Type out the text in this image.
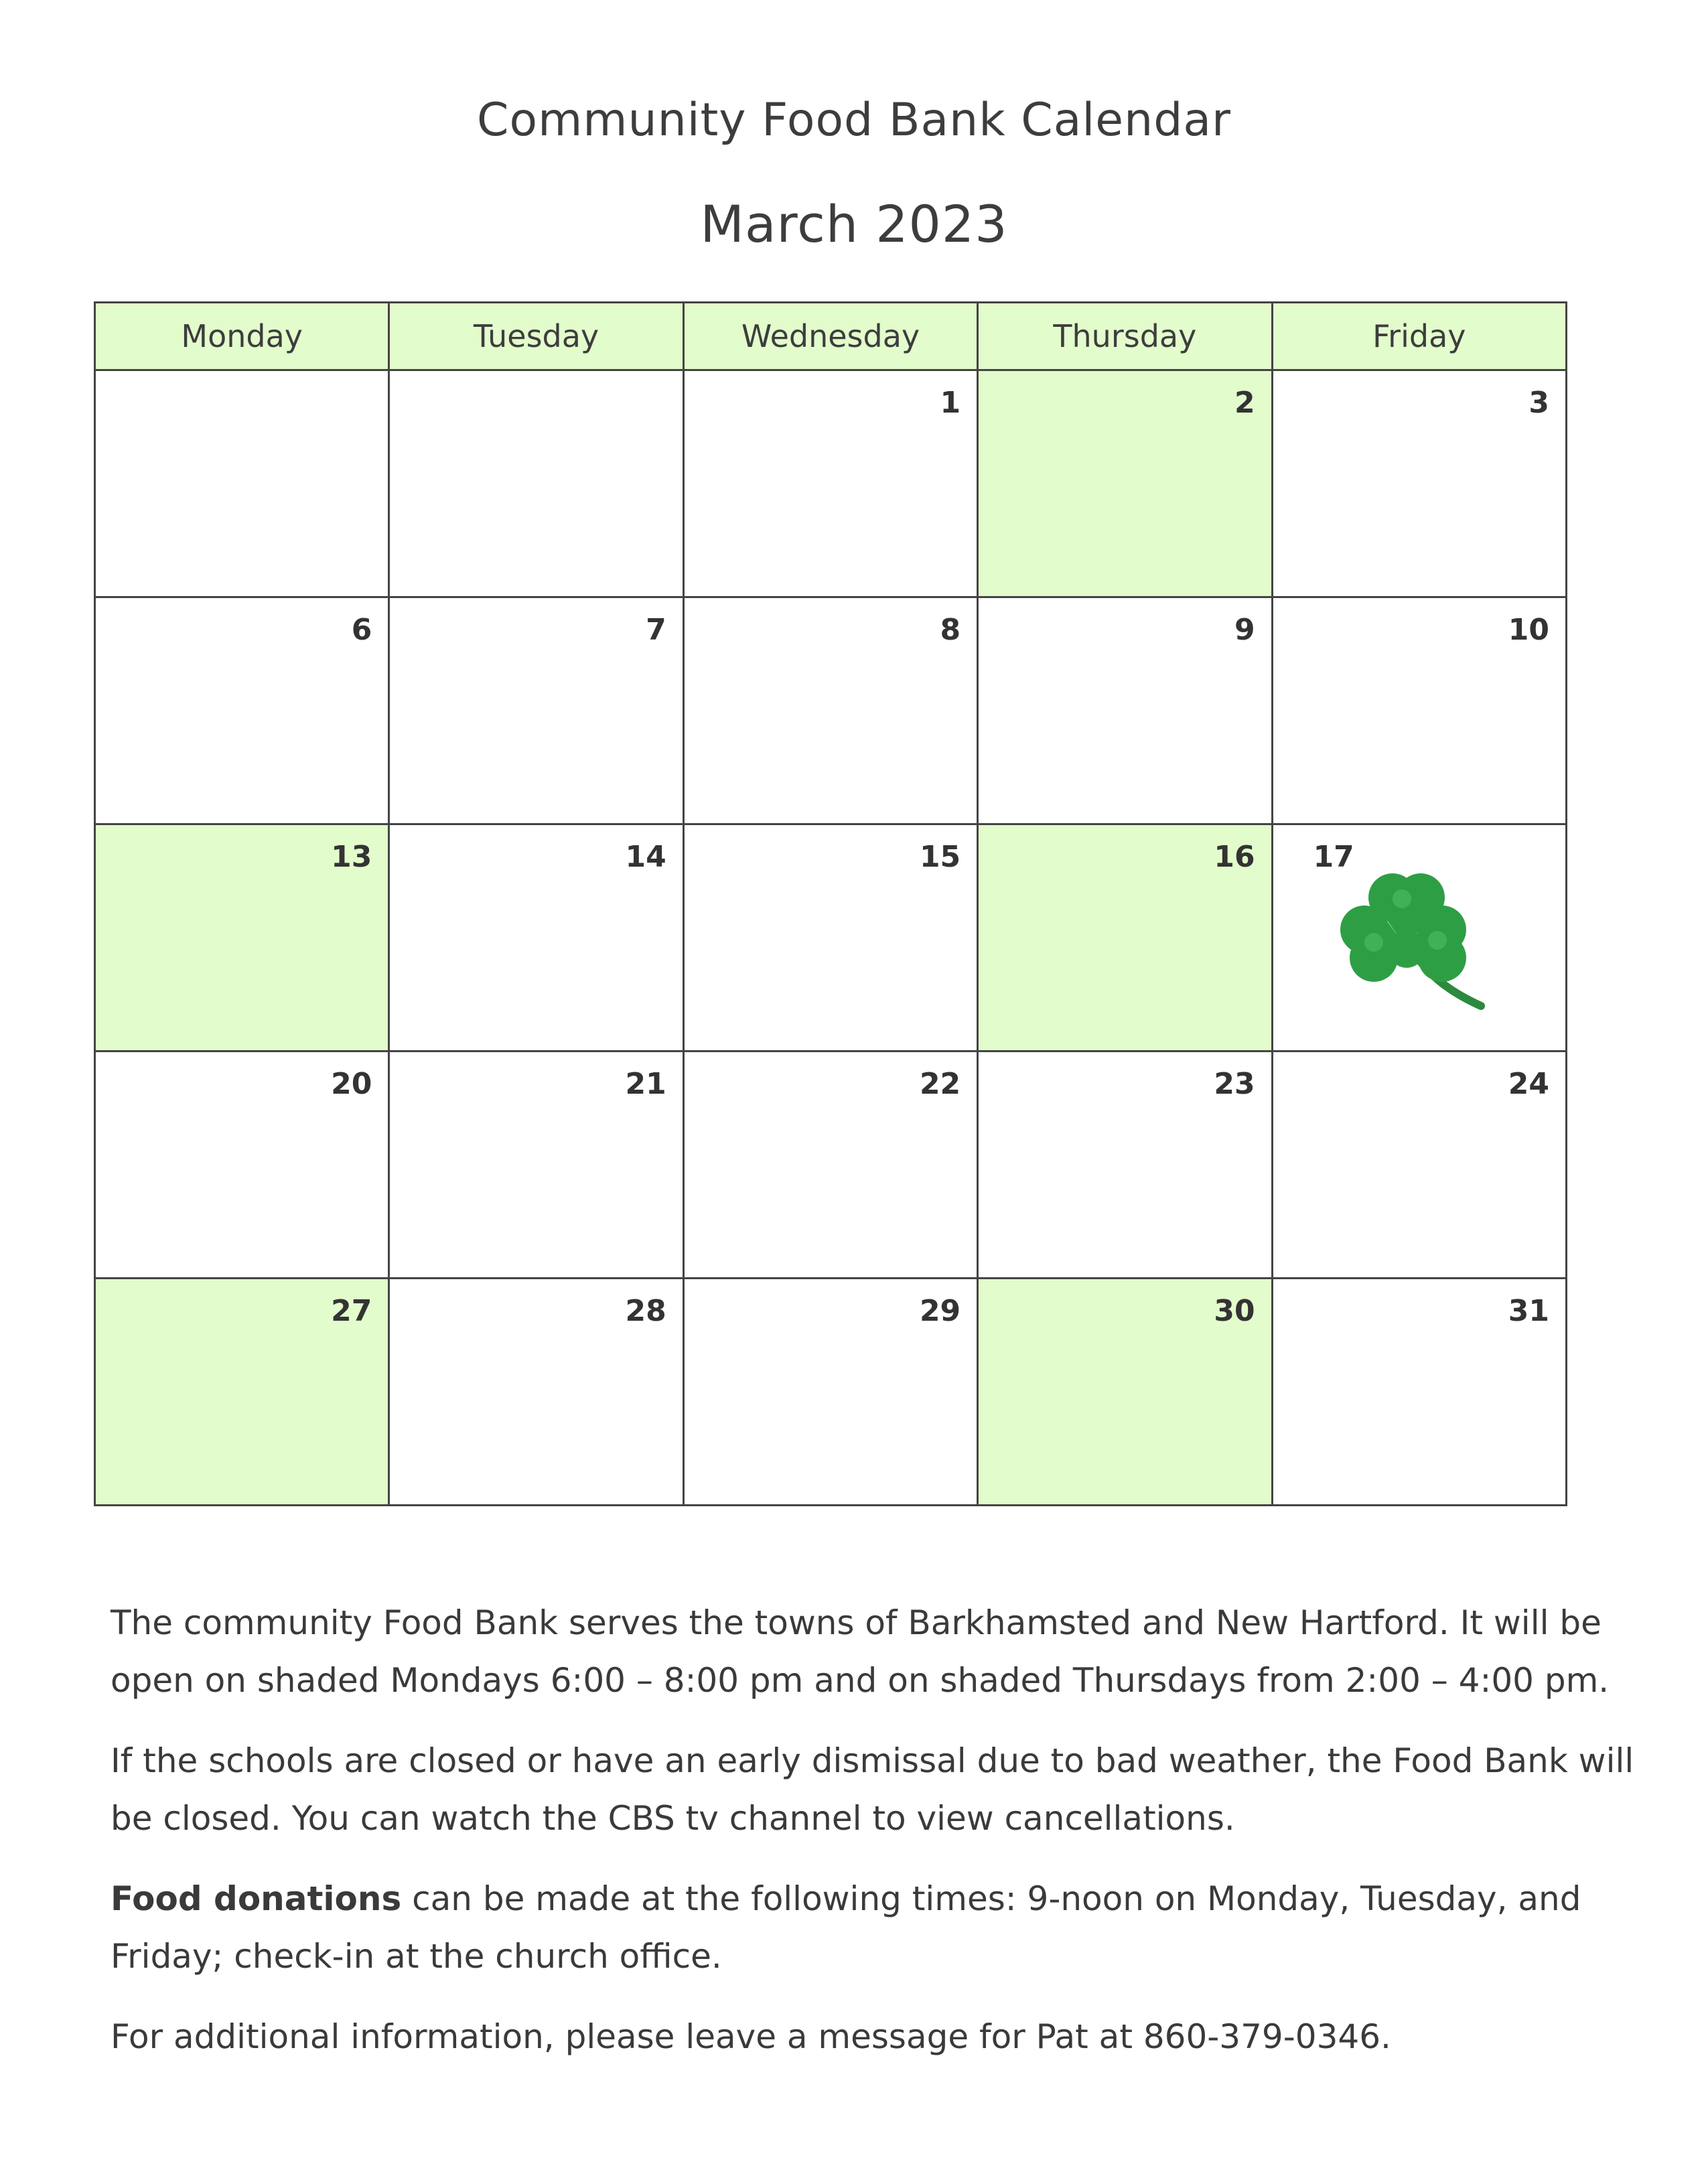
Community Food Bank Calendar
March 2023
Monday	Tuesday	Wednesday	Thursday	Friday

		1	2	3

6	7	8	9	10

13	14	15	16	17

20	21	22	23	24

27	28	29	30	31

The community Food Bank serves the towns of Barkhamsted and New Hartford. It will be open on shaded Mondays 6:00 – 8:00 pm and on shaded Thursdays from 2:00 – 4:00 pm.

If the schools are closed or have an early dismissal due to bad weather, the Food Bank will be closed. You can watch the CBS tv channel to view cancellations.

Food donations can be made at the following times: 9-noon on Monday, Tuesday, and Friday; check-in at the church office.

For additional information, please leave a message for Pat at 860-379-0346.
